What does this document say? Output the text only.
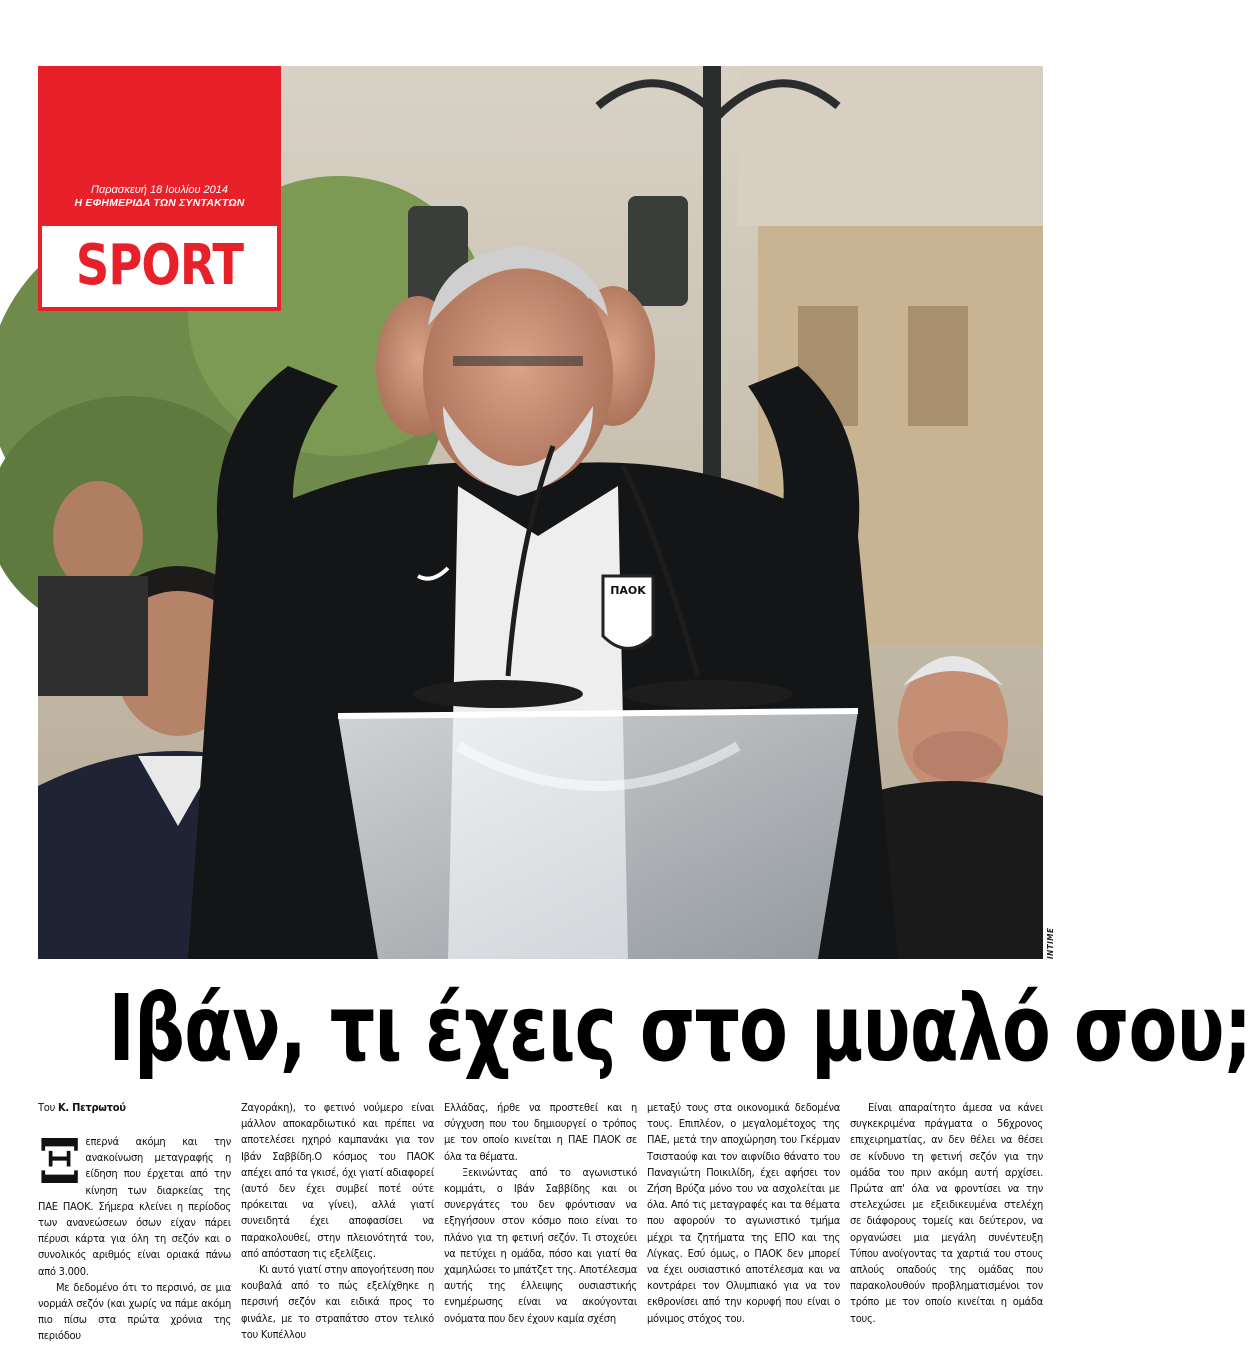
ΠΑΟΚ
INTIME
Παρασκευή 18 Ιουλίου 2014
Η ΕΦΗΜΕΡΙΔΑ ΤΩΝ ΣΥΝΤΑΚΤΩΝ
SPORT
Ιβάν, τι έχεις στο μυαλό σου;
Του Κ. Πετρωτού

Ξεπερνά ακόμη και την ανακοίνωση μεταγραφής η είδηση που έρχεται από την κίνηση των διαρκείας της ΠΑΕ ΠΑΟΚ. Σήμερα κλείνει η περίοδος των ανανεώσεων όσων είχαν πάρει πέρυσι κάρτα για όλη τη σεζόν και ο συνολικός αριθμός είναι οριακά πάνω από 3.000.

Με δεδομένο ότι το περσινό, σε μια νορμάλ σεζόν (και χωρίς να πάμε ακόμη πιο πίσω στα πρώτα χρόνια της περιόδου

Ζαγοράκη), το φετινό νούμερο είναι μάλλον αποκαρδιωτικό και πρέπει να αποτελέσει ηχηρό καμπανάκι για τον Ιβάν Σαββίδη.Ο κόσμος του ΠΑΟΚ απέχει από τα γκισέ, όχι γιατί αδιαφορεί (αυτό δεν έχει συμβεί ποτέ ούτε πρόκειται να γίνει), αλλά γιατί συνειδητά έχει αποφασίσει να παρακολουθεί, στην πλειονότητά του, από απόσταση τις εξελίξεις.

Κι αυτό γιατί στην απογοήτευση που κουβαλά από το πώς εξελίχθηκε η περσινή σεζόν και ειδικά προς το φινάλε, με το στραπάτσο στον τελικό του Κυπέλλου

Ελλάδας, ήρθε να προστεθεί και η σύγχυση που του δημιουργεί ο τρόπος με τον οποίο κινείται η ΠΑΕ ΠΑΟΚ σε όλα τα θέματα.

Ξεκινώντας από το αγωνιστικό κομμάτι, ο Ιβάν Σαββίδης και οι συνεργάτες του δεν φρόντισαν να εξηγήσουν στον κόσμο ποιο είναι το πλάνο για τη φετινή σεζόν. Τι στοχεύει να πετύχει η ομάδα, πόσο και γιατί θα χαμηλώσει το μπάτζετ της. Αποτέλεσμα αυτής της έλλειψης ουσιαστικής ενημέρωσης είναι να ακούγονται ονόματα που δεν έχουν καμία σχέση

μεταξύ τους στα οικονομικά δεδομένα τους. Επιπλέον, ο μεγαλομέτοχος της ΠΑΕ, μετά την αποχώρηση του Γκέρμαν Τσισταούφ και τον αιφνίδιο θάνατο του Παναγιώτη Ποικιλίδη, έχει αφήσει τον Ζήση Βρύζα μόνο του να ασχολείται με όλα. Από τις μεταγραφές και τα θέματα που αφορούν το αγωνιστικό τμήμα μέχρι τα ζητήματα της ΕΠΟ και της Λίγκας. Εσύ όμως, ο ΠΑΟΚ δεν μπορεί να έχει ουσιαστικό αποτέλεσμα και να κοντράρει τον Ολυμπιακό για να τον εκθρονίσει από την κορυφή που είναι ο μόνιμος στόχος του.

Είναι απαραίτητο άμεσα να κάνει συγκεκριμένα πράγματα ο 56χρονος επιχειρηματίας, αν δεν θέλει να θέσει σε κίνδυνο τη φετινή σεζόν για την ομάδα του πριν ακόμη αυτή αρχίσει. Πρώτα απ' όλα να φροντίσει να την στελεχώσει με εξειδικευμένα στελέχη σε διάφορους τομείς και δεύτερον, να οργανώσει μια μεγάλη συνέντευξη Τύπου ανοίγοντας τα χαρτιά του στους απλούς οπαδούς της ομάδας που παρακολουθούν προβληματισμένοι τον τρόπο με τον οποίο κινείται η ομάδα τους.
